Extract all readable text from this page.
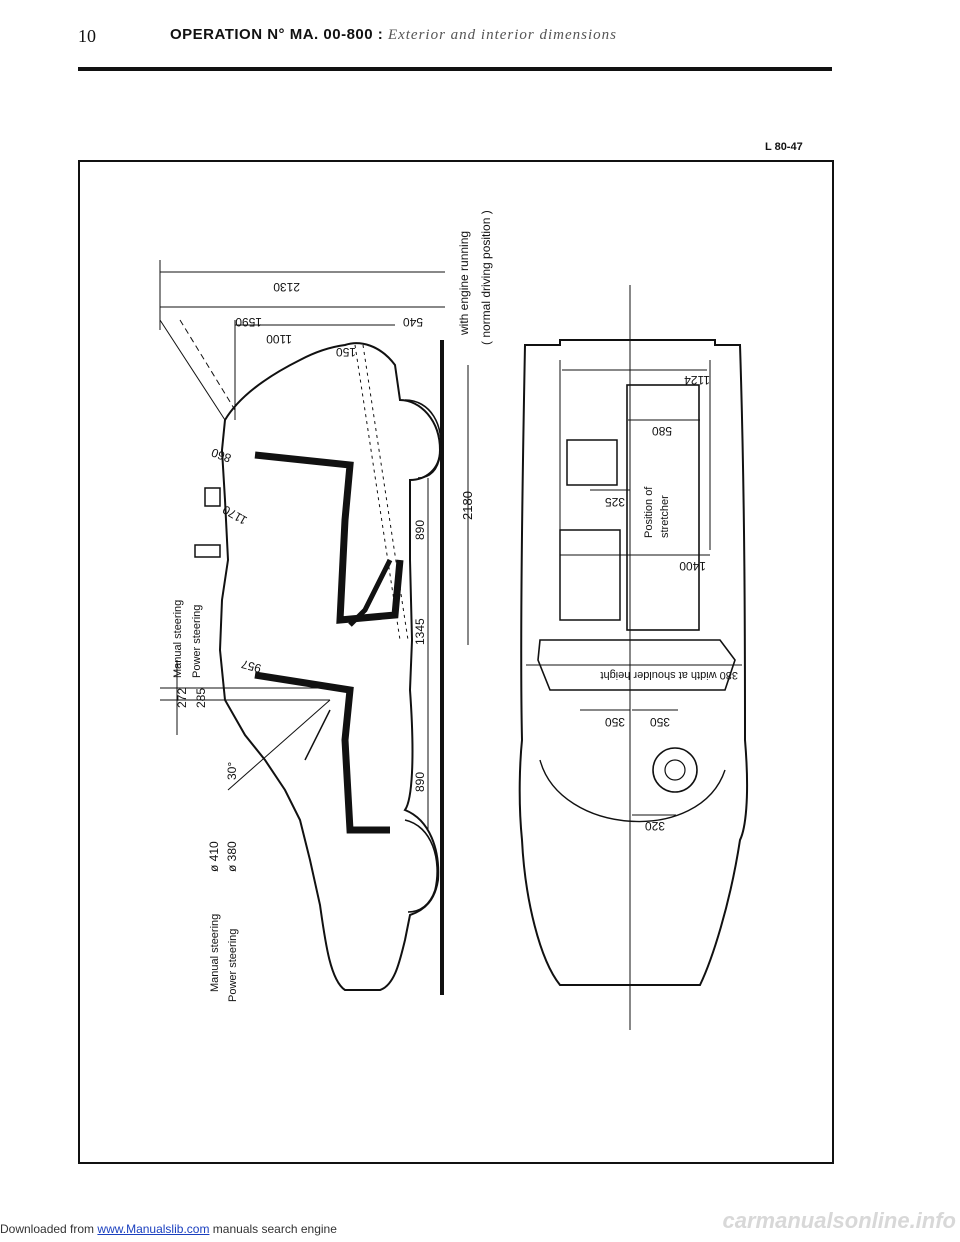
10	OPERATION N° MA. 00-800 : Exterior and interior dimensions
L 80-47
2130
1590
1100
540
150
860
1170
890
1345
2180
957
890
272 285
30°
with engine running ( normal driving position )
Manual steering Power steering
Manual steering Power steering
ø 410 ø 380
1124
580
325
1400
380 width at shoulder height
350 350
320
Position of stretcher
Downloaded from www.Manualslib.com manuals search engine	carmanualsonline.info
